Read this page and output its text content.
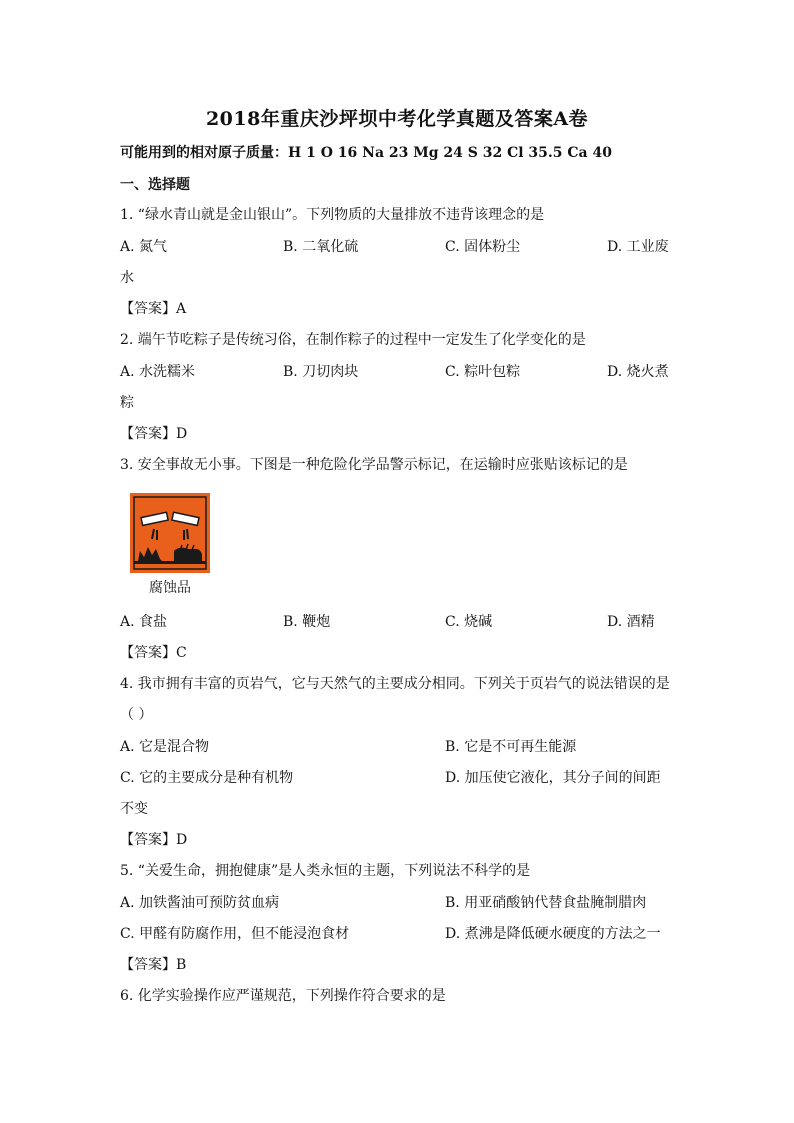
2018年重庆沙坪坝中考化学真题及答案A卷
可能用到的相对原子质量：H 1 O 16 Na 23 Mg 24 S 32 Cl 35.5 Ca 40
一、选择题
1. “绿水青山就是金山银山”。下列物质的大量排放不违背该理念的是
A. 氮气	B. 二氧化硫	C. 固体粉尘	D. 工业废
水
【答案】A
2. 端午节吃粽子是传统习俗，在制作粽子的过程中一定发生了化学变化的是
A. 水洗糯米	B. 刀切肉块	C. 粽叶包粽	D. 烧火煮
粽
【答案】D
3. 安全事故无小事。下图是一种危险化学品警示标记，在运输时应张贴该标记的是
腐蚀品
A. 食盐	B. 鞭炮	C. 烧碱	D. 酒精
【答案】C
4. 我市拥有丰富的页岩气，它与天然气的主要成分相同。下列关于页岩气的说法错误的是
（ ）
A. 它是混合物	B. 它是不可再生能源
C. 它的主要成分是种有机物	D. 加压使它液化，其分子间的间距
不变
【答案】D
5. “关爱生命，拥抱健康”是人类永恒的主题，下列说法不科学的是
A. 加铁酱油可预防贫血病	B. 用亚硝酸钠代替食盐腌制腊肉
C. 甲醛有防腐作用，但不能浸泡食材	D. 煮沸是降低硬水硬度的方法之一
【答案】B
6. 化学实验操作应严谨规范，下列操作符合要求的是
